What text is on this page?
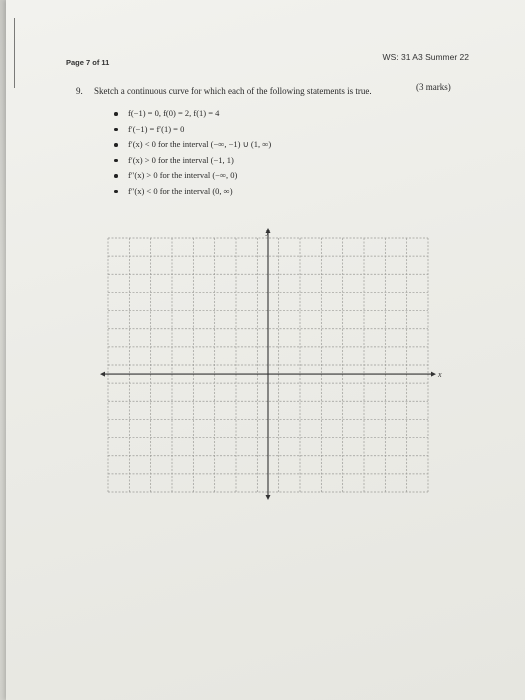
Page 7 of 11
WS: 31 A3 Summer 22
9. Sketch a continuous curve for which each of the following statements is true.	(3 marks)
f(−1) = 0, f(0) = 2, f(1) = 4
f′(−1) = f′(1) = 0
f′(x) < 0 for the interval (−∞, −1) ∪ (1, ∞)
f′(x) > 0 for the interval (−1, 1)
f″(x) > 0 for the interval (−∞, 0)
f″(x) < 0 for the interval (0, ∞)
x
y
